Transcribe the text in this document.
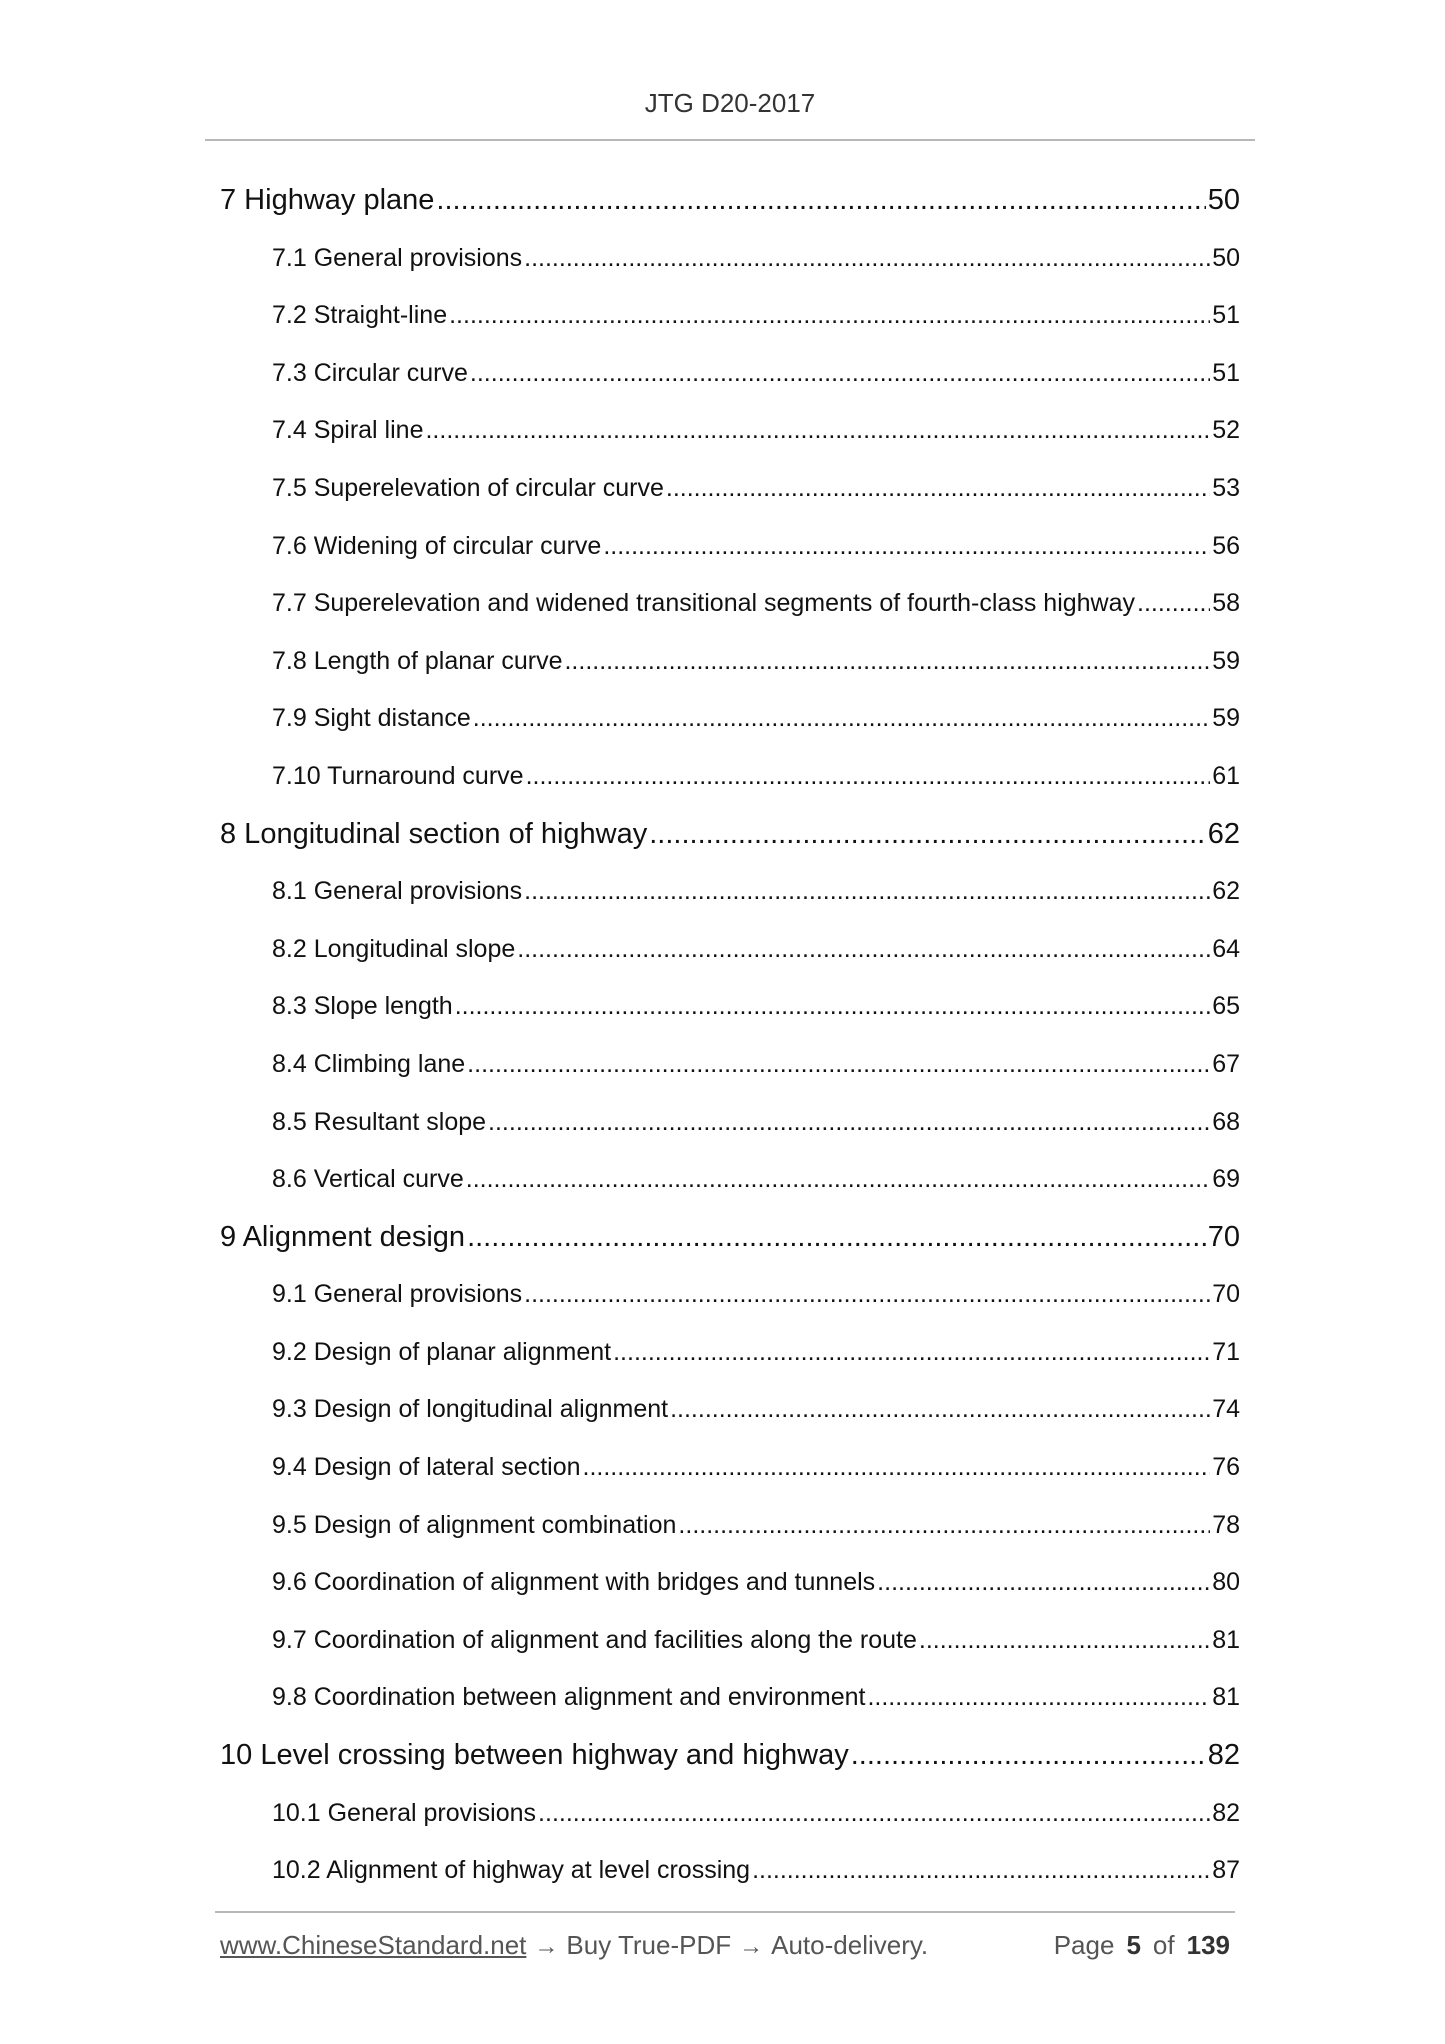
JTG D20-2017
7 Highway plane .....	50
7.1 General provisions .....	50
7.2 Straight-line .....	51
7.3 Circular curve .....	51
7.4 Spiral line .....	52
7.5 Superelevation of circular curve .....	53
7.6 Widening of circular curve .....	56
7.7 Superelevation and widened transitional segments of fourth-class highway .....	58
7.8 Length of planar curve .....	59
7.9 Sight distance .....	59
7.10 Turnaround curve .....	61
8 Longitudinal section of highway .....	62
8.1 General provisions .....	62
8.2 Longitudinal slope .....	64
8.3 Slope length .....	65
8.4 Climbing lane .....	67
8.5 Resultant slope .....	68
8.6 Vertical curve .....	69
9 Alignment design .....	70
9.1 General provisions .....	70
9.2 Design of planar alignment .....	71
9.3 Design of longitudinal alignment .....	74
9.4 Design of lateral section .....	76
9.5 Design of alignment combination .....	78
9.6 Coordination of alignment with bridges and tunnels .....	80
9.7 Coordination of alignment and facilities along the route .....	81
9.8 Coordination between alignment and environment .....	81
10 Level crossing between highway and highway .....	82
10.1 General provisions .....	82
10.2 Alignment of highway at level crossing .....	87
www.ChineseStandard.net → Buy True-PDF → Auto-delivery.	Page 5 of 139
